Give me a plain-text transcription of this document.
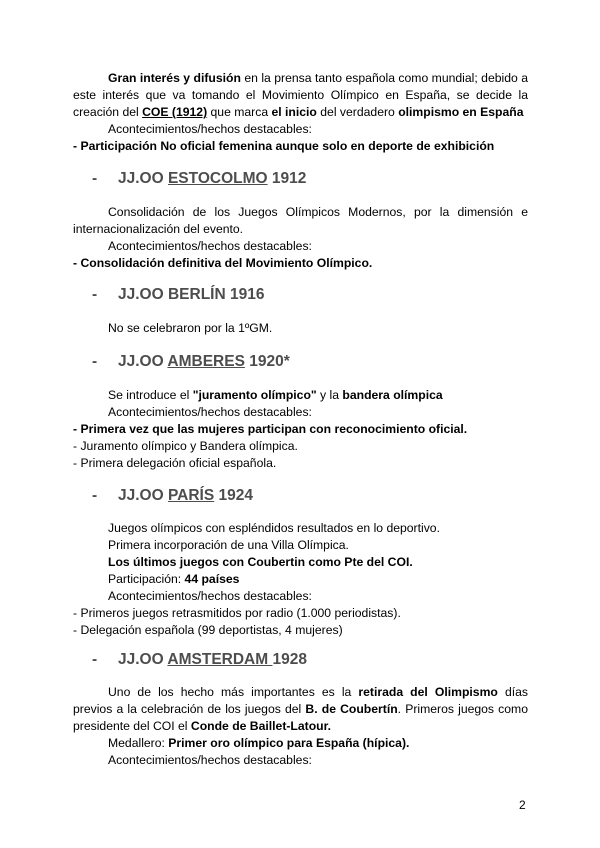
Gran interés y difusión en la prensa tanto española como mundial; debido a este interés que va tomando el Movimiento Olímpico en España, se decide la creación del COE (1912) que marca el inicio del verdadero olimpismo en España

Acontecimientos/hechos destacables:

- Participación No oficial femenina aunque solo en deporte de exhibición

- JJ.OO ESTOCOLMO 1912

Consolidación de los Juegos Olímpicos Modernos, por la dimensión e internacionalización del evento.

Acontecimientos/hechos destacables:

- Consolidación definitiva del Movimiento Olímpico.

- JJ.OO BERLÍN 1916

No se celebraron por la 1ºGM.

- JJ.OO AMBERES 1920*

Se introduce el "juramento olímpico" y la bandera olímpica

Acontecimientos/hechos destacables:

- Primera vez que las mujeres participan con reconocimiento oficial.

- Juramento olímpico y Bandera olímpica.

- Primera delegación oficial española.

- JJ.OO PARÍS 1924

Juegos olímpicos con espléndidos resultados en lo deportivo.

Primera incorporación de una Villa Olímpica.

Los últimos juegos con Coubertin como Pte del COI.

Participación: 44 países

Acontecimientos/hechos destacables:

- Primeros juegos retrasmitidos por radio (1.000 periodistas).

- Delegación española (99 deportistas, 4 mujeres)

- JJ.OO AMSTERDAM 1928

Uno de los hecho más importantes es la retirada del Olimpismo días previos a la celebración de los juegos del B. de Coubertín. Primeros juegos como presidente del COI el Conde de Baillet-Latour.

Medallero: Primer oro olímpico para España (hípica).

Acontecimientos/hechos destacables:

2
